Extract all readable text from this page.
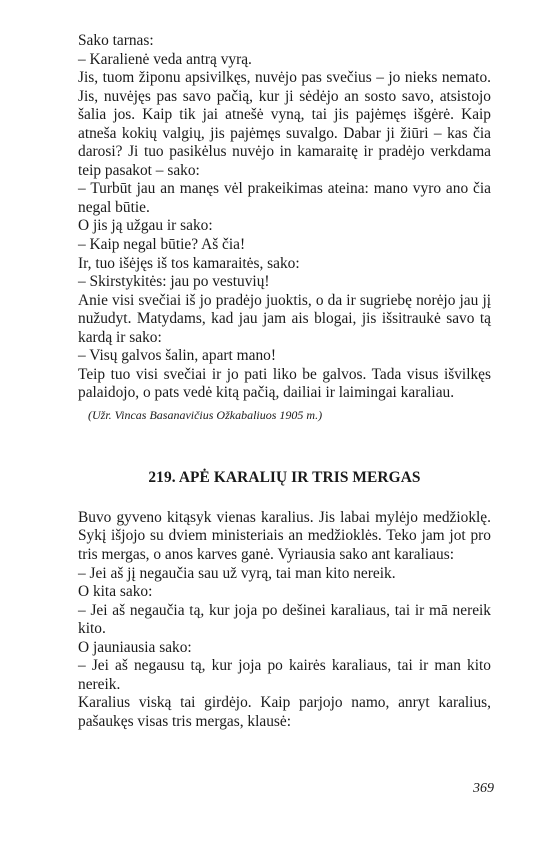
Sako tarnas:

– Karalienė veda antrą vyrą.

Jis, tuom žiponu apsivilkęs, nuvėjo pas svečius – jo nieks nemato. Jis, nuvėjęs pas savo pačią, kur ji sėdėjo an sosto savo, atsistojo šalia jos. Kaip tik jai atnešė vyną, tai jis pajėmęs išgėrė. Kaip atneša kokių valgių, jis pajėmęs suvalgo. Dabar ji žiūri – kas čia darosi? Ji tuo pasikėlus nuvėjo in kamaraitę ir pradėjo verkdama teip pasakot – sako:

– Turbūt jau an manęs vėl prakeikimas ateina: mano vyro ano čia negal būtie.

O jis ją užgau ir sako:

– Kaip negal būtie? Aš čia!

Ir, tuo išėjęs iš tos kamaraitės, sako:

– Skirstykitės: jau po vestuvių!

Anie visi svečiai iš jo pradėjo juoktis, o da ir sugriebę norėjo jau jį nužudyt. Matydams, kad jau jam ais blogai, jis išsitraukė savo tą kardą ir sako:

– Visų galvos šalin, apart mano!

Teip tuo visi svečiai ir jo pati liko be galvos. Tada visus išvilkęs palaidojo, o pats vedė kitą pačią, dailiai ir laimingai karaliau.

(Užr. Vincas Basanavičius Ožkabaliuos 1905 m.)

219. APĖ KARALIŲ IR TRIS MERGAS

Buvo gyveno kitąsyk vienas karalius. Jis labai mylėjo medžioklę. Sykį išjojo su dviem ministeriais an medžioklės. Teko jam jot pro tris mergas, o anos karves ganė. Vyriausia sako ant karaliaus:

– Jei aš jį negaučia sau už vyrą, tai man kito nereik.

O kita sako:

– Jei aš negaučia tą, kur joja po dešinei karaliaus, tai ir mā nereik kito.

O jauniausia sako:

– Jei aš negausu tą, kur joja po kairės karaliaus, tai ir man kito nereik.

Karalius viską tai girdėjo. Kaip parjojo namo, anryt karalius, pašaukęs visas tris mergas, klausė:

369
